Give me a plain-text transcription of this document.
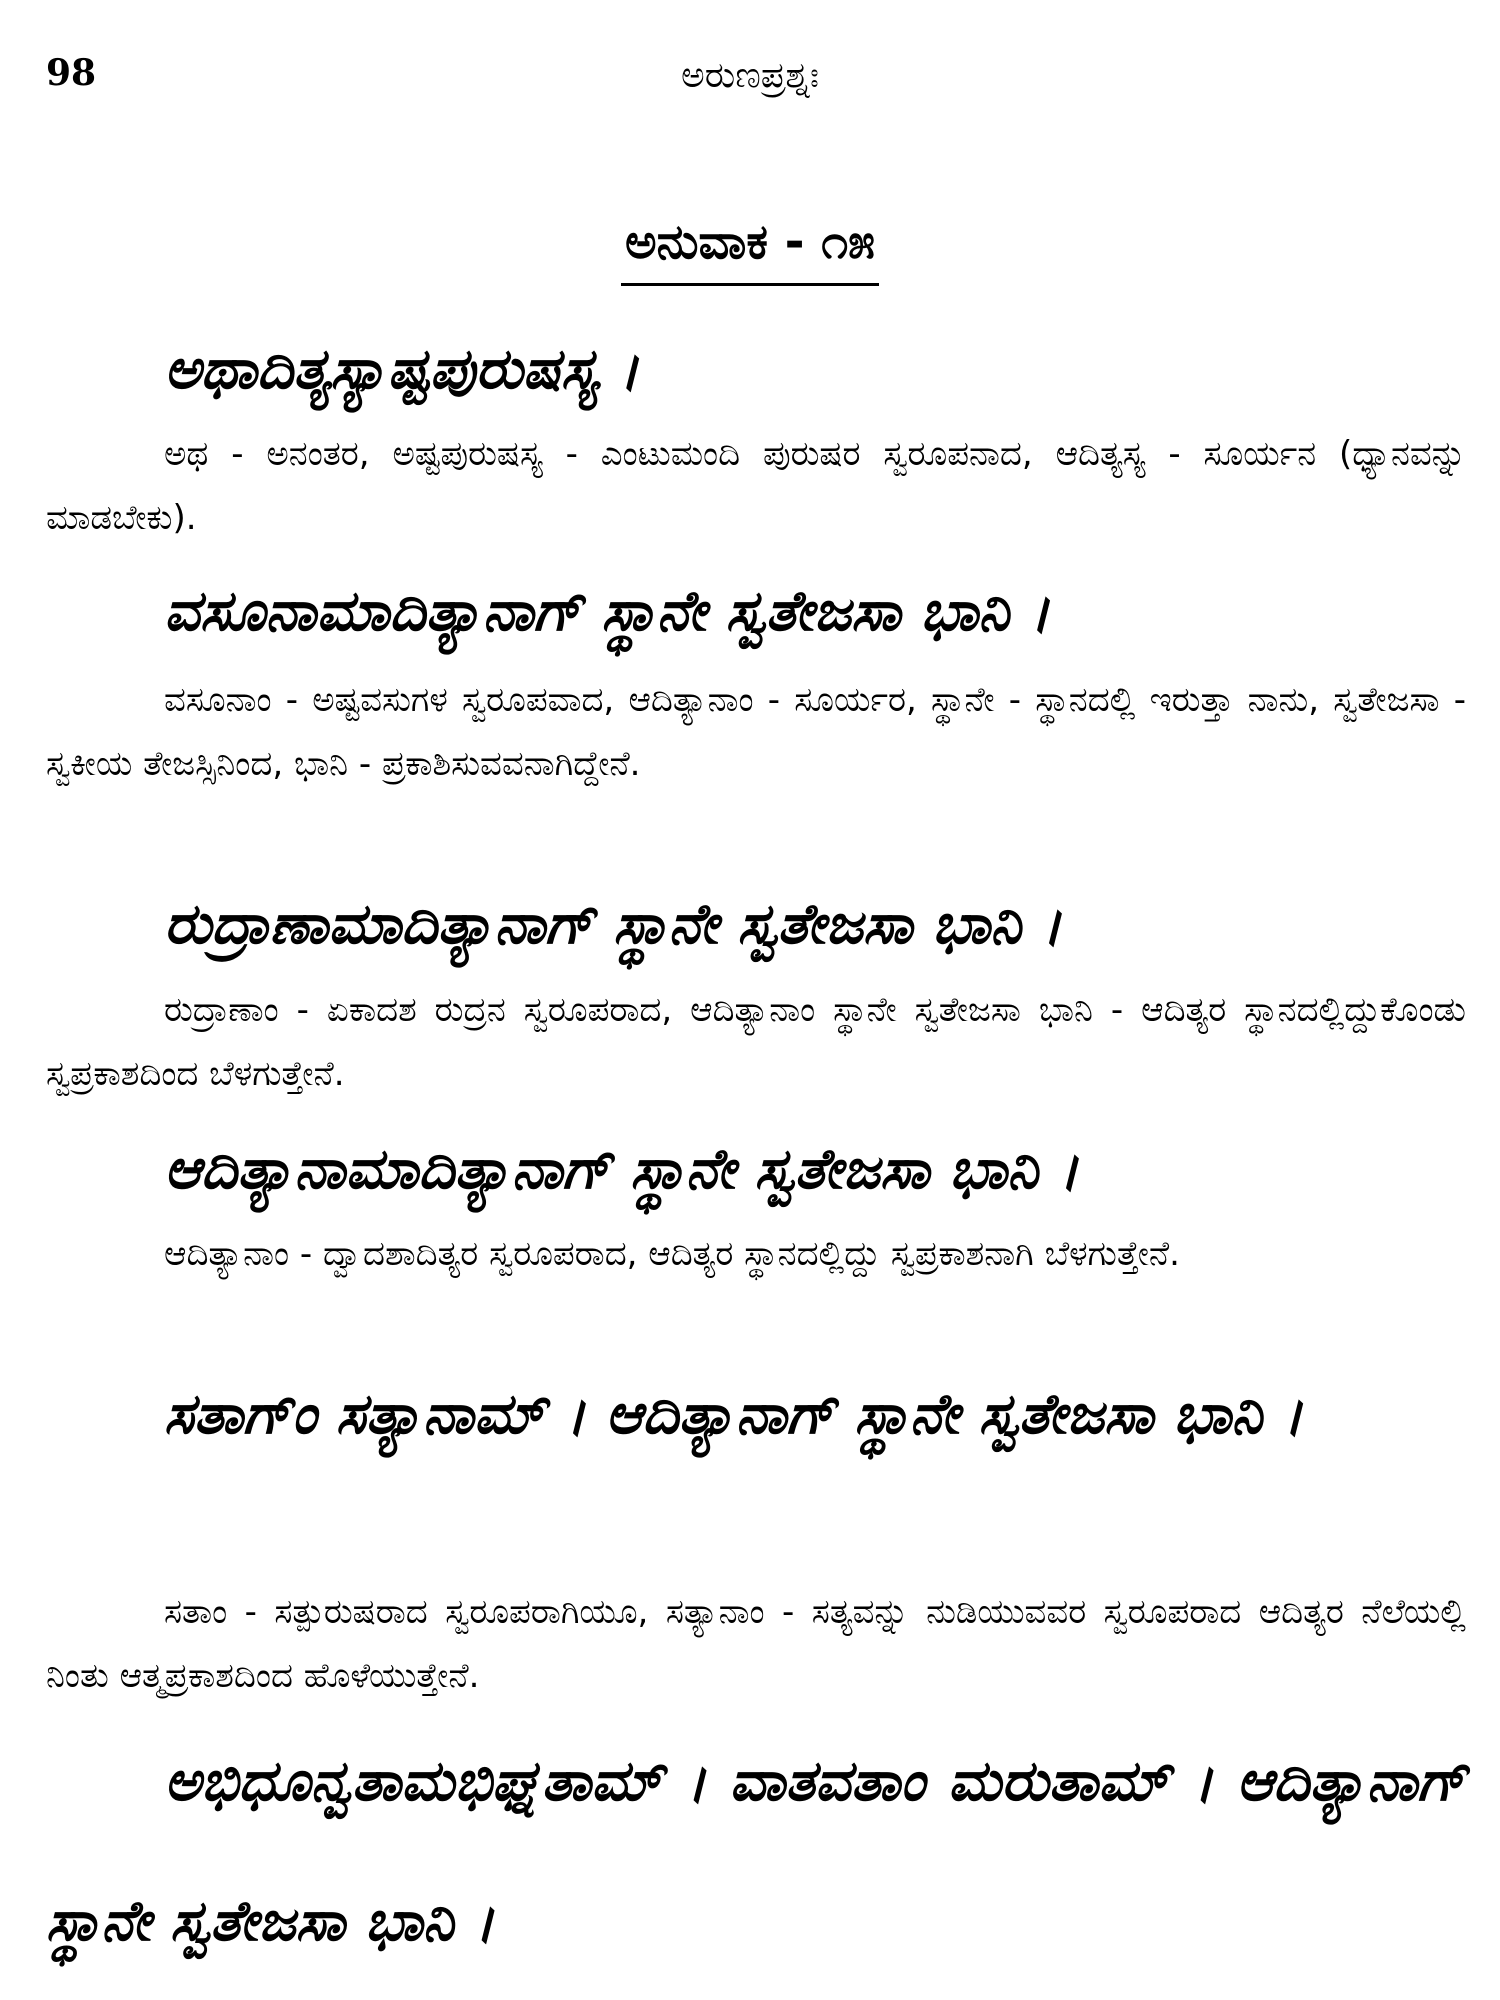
98	ಅರುಣಪ್ರಶ್ನಃ

ಅನುವಾಕ - ೧೫

ಅಥಾದಿತ್ಯಸ್ಯಾಷ್ಟಪುರುಷಸ್ಯ ।

ಅಥ - ಅನಂತರ, ಅಷ್ಟಪುರುಷಸ್ಯ - ಎಂಟುಮಂದಿ ಪುರುಷರ ಸ್ವರೂಪನಾದ, ಆದಿತ್ಯಸ್ಯ - ಸೂರ್ಯನ (ಧ್ಯಾನವನ್ನು ಮಾಡಬೇಕು).

ವಸೂನಾಮಾದಿತ್ಯಾನಾಗ್ ಸ್ಥಾನೇ ಸ್ವತೇಜಸಾ ಭಾನಿ ।

ವಸೂನಾಂ - ಅಷ್ಟವಸುಗಳ ಸ್ವರೂಪವಾದ, ಆದಿತ್ಯಾನಾಂ - ಸೂರ್ಯರ, ಸ್ಥಾನೇ - ಸ್ಥಾನದಲ್ಲಿ ಇರುತ್ತಾ ನಾನು, ಸ್ವತೇಜಸಾ - ಸ್ವಕೀಯ ತೇಜಸ್ಸಿನಿಂದ, ಭಾನಿ - ಪ್ರಕಾಶಿಸುವವನಾಗಿದ್ದೇನೆ.

ರುದ್ರಾಣಾಮಾದಿತ್ಯಾನಾಗ್ ಸ್ಥಾನೇ ಸ್ವತೇಜಸಾ ಭಾನಿ ।

ರುದ್ರಾಣಾಂ - ಏಕಾದಶ ರುದ್ರನ ಸ್ವರೂಪರಾದ, ಆದಿತ್ಯಾನಾಂ ಸ್ಥಾನೇ ಸ್ವತೇಜಸಾ ಭಾನಿ - ಆದಿತ್ಯರ ಸ್ಥಾನದಲ್ಲಿದ್ದುಕೊಂಡು ಸ್ವಪ್ರಕಾಶದಿಂದ ಬೆಳಗುತ್ತೇನೆ.

ಆದಿತ್ಯಾನಾಮಾದಿತ್ಯಾನಾಗ್ ಸ್ಥಾನೇ ಸ್ವತೇಜಸಾ ಭಾನಿ ।

ಆದಿತ್ಯಾನಾಂ - ದ್ವಾದಶಾದಿತ್ಯರ ಸ್ವರೂಪರಾದ, ಆದಿತ್ಯರ ಸ್ಥಾನದಲ್ಲಿದ್ದು ಸ್ವಪ್ರಕಾಶನಾಗಿ ಬೆಳಗುತ್ತೇನೆ.

ಸತಾಗ್ಂ ಸತ್ಯಾನಾಮ್ । ಆದಿತ್ಯಾನಾಗ್ ಸ್ಥಾನೇ ಸ್ವತೇಜಸಾ ಭಾನಿ ।

ಸತಾಂ - ಸತ್ಪುರುಷರಾದ ಸ್ವರೂಪರಾಗಿಯೂ, ಸತ್ಯಾನಾಂ - ಸತ್ಯವನ್ನು ನುಡಿಯುವವರ ಸ್ವರೂಪರಾದ ಆದಿತ್ಯರ ನೆಲೆಯಲ್ಲಿ ನಿಂತು ಆತ್ಮಪ್ರಕಾಶದಿಂದ ಹೊಳೆಯುತ್ತೇನೆ.

ಅಭಿಧೂನ್ವತಾಮಭಿಘ್ನತಾಮ್ । ವಾತವತಾಂ ಮರುತಾಮ್ । ಆದಿತ್ಯಾನಾಗ್ ಸ್ಥಾನೇ ಸ್ವತೇಜಸಾ ಭಾನಿ ।
